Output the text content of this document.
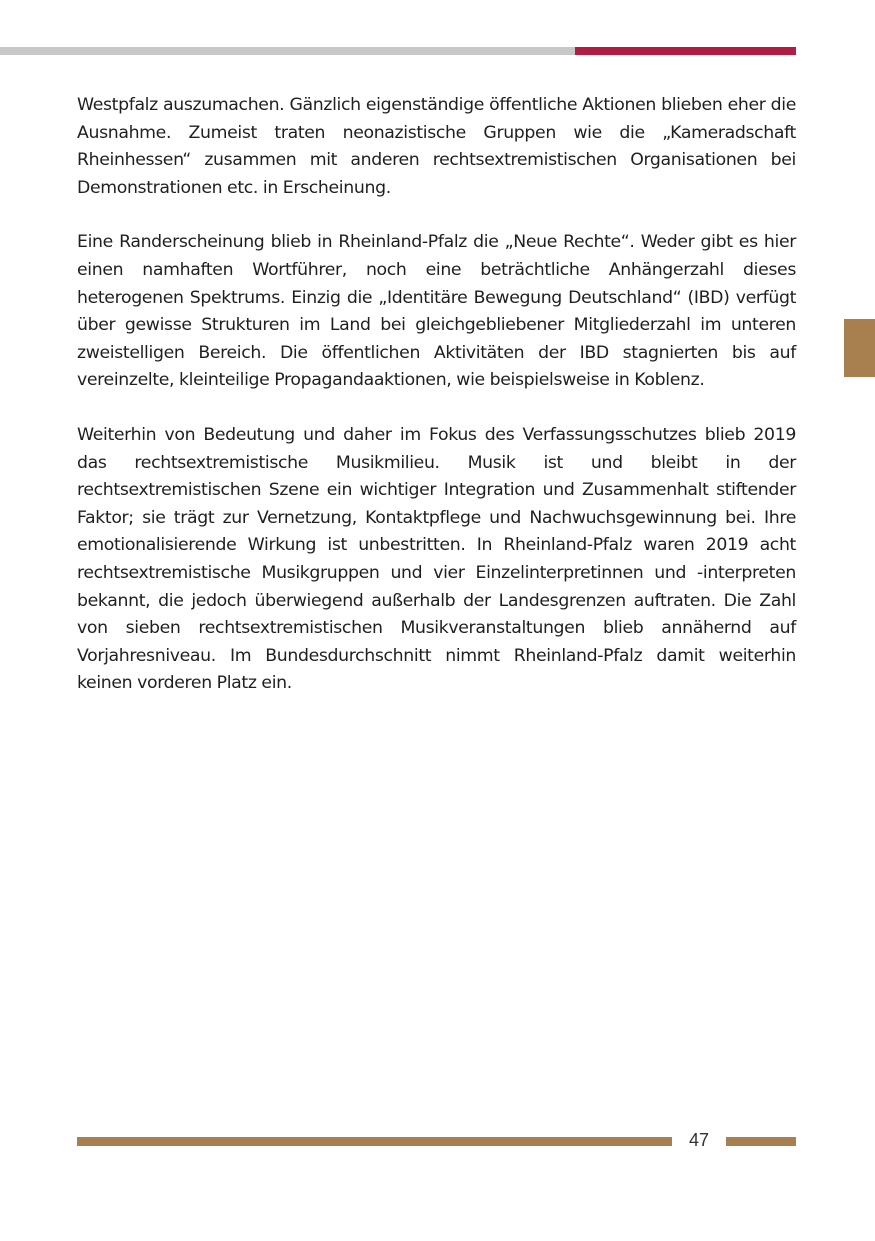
Westpfalz auszumachen. Gänzlich eigenständige öffentliche Aktionen blieben eher die Ausnahme. Zumeist traten neonazistische Gruppen wie die „Kameradschaft Rheinhessen“ zusammen mit anderen rechtsextremistischen Organisationen bei Demonstrationen etc. in Erscheinung.

Eine Randerscheinung blieb in Rheinland-Pfalz die „Neue Rechte“. Weder gibt es hier einen namhaften Wortführer, noch eine beträchtliche Anhängerzahl dieses heterogenen Spektrums. Einzig die „Identitäre Bewegung Deutschland“ (IBD) verfügt über gewisse Strukturen im Land bei gleichgebliebener Mitgliederzahl im unteren zweistelligen Bereich. Die öffentlichen Aktivitäten der IBD stagnierten bis auf vereinzelte, kleinteilige Propagandaaktionen, wie beispielsweise in Koblenz.

Weiterhin von Bedeutung und daher im Fokus des Verfassungsschutzes blieb 2019 das rechtsextremistische Musikmilieu. Musik ist und bleibt in der rechtsextremistischen Szene ein wichtiger Integration und Zusammenhalt stiftender Faktor; sie trägt zur Vernetzung, Kontaktpflege und Nachwuchsgewinnung bei. Ihre emotionalisierende Wirkung ist unbestritten. In Rheinland-Pfalz waren 2019 acht rechtsextremistische Musikgruppen und vier Einzelinterpretinnen und -interpreten bekannt, die jedoch überwiegend außerhalb der Landesgrenzen auftraten. Die Zahl von sieben rechtsextremistischen Musikveranstaltungen blieb annähernd auf Vorjahresniveau. Im Bundesdurchschnitt nimmt Rheinland-Pfalz damit weiterhin keinen vorderen Platz ein.

47
